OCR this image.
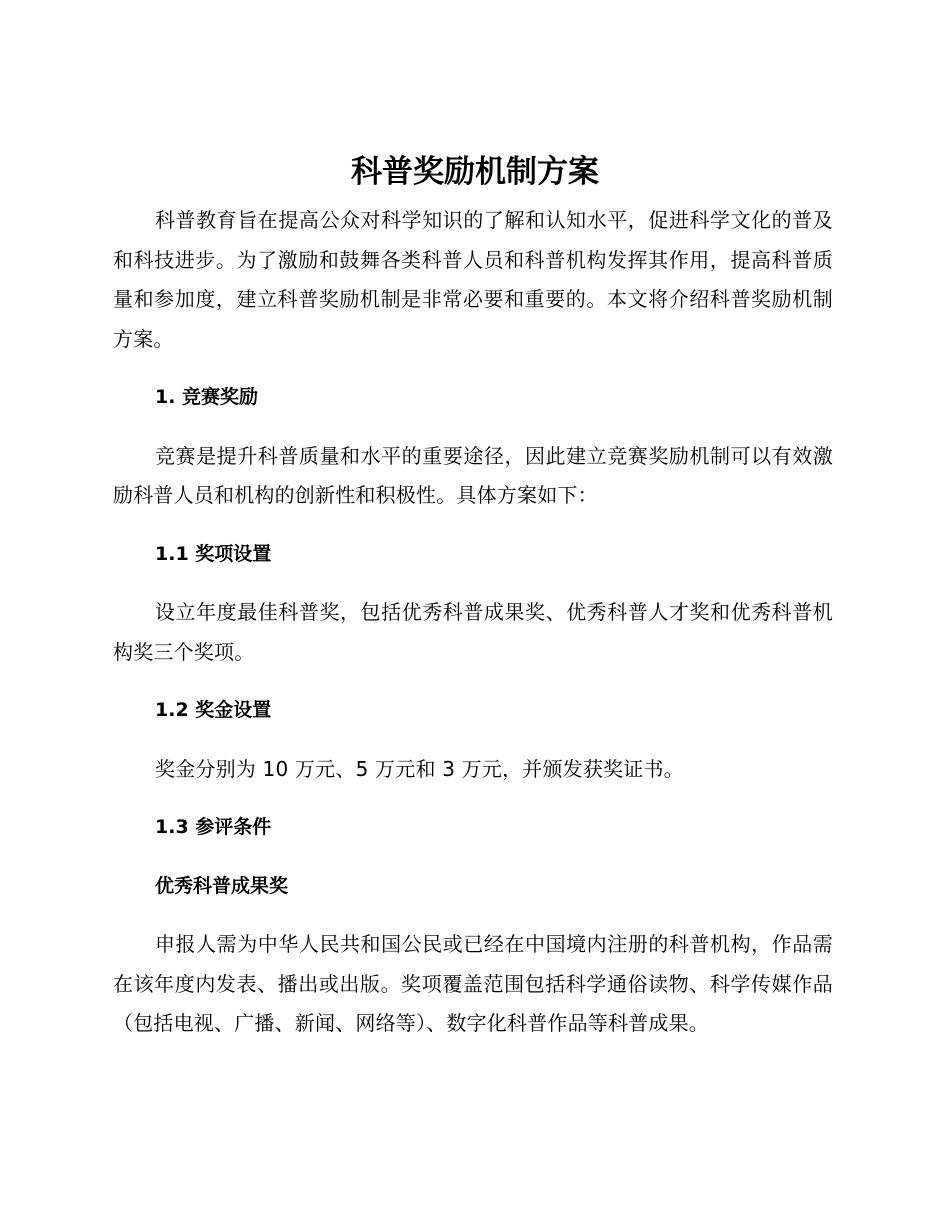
科普奖励机制方案

科普教育旨在提高公众对科学知识的了解和认知水平，促进科学文化的普及和科技进步。为了激励和鼓舞各类科普人员和科普机构发挥其作用，提高科普质量和参加度，建立科普奖励机制是非常必要和重要的。本文将介绍科普奖励机制方案。

1. 竞赛奖励

竞赛是提升科普质量和水平的重要途径，因此建立竞赛奖励机制可以有效激励科普人员和机构的创新性和积极性。具体方案如下：

1.1 奖项设置

设立年度最佳科普奖，包括优秀科普成果奖、优秀科普人才奖和优秀科普机构奖三个奖项。

1.2 奖金设置

奖金分别为 10 万元、5 万元和 3 万元，并颁发获奖证书。

1.3 参评条件

优秀科普成果奖

申报人需为中华人民共和国公民或已经在中国境内注册的科普机构，作品需在该年度内发表、播出或出版。奖项覆盖范围包括科学通俗读物、科学传媒作品（包括电视、广播、新闻、网络等）、数字化科普作品等科普成果。
